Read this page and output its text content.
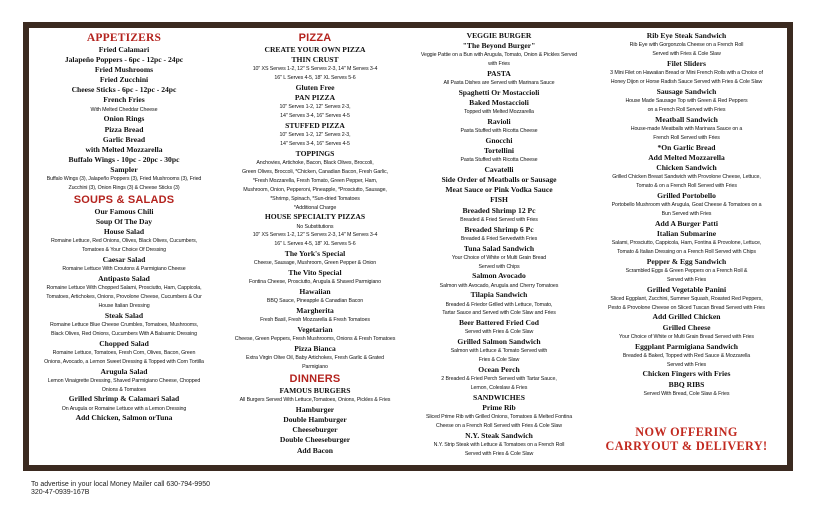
APPETIZERS
Fried Calamari
Jalapeño Poppers - 6pc - 12pc - 24pc
Fried Mushrooms
Fried Zucchini
Cheese Sticks - 6pc - 12pc - 24pc
French Fries
With Melted Cheddar Cheese
Onion Rings
Pizza Bread
Garlic Bread
with Melted Mozzarella
Buffalo Wings - 10pc - 20pc - 30pc
Sampler
Buffalo Wings (3), Jalapeño Poppers (3), Fried Mushrooms (3), Fried
Zucchini (3), Onion Rings (3) & Cheese Sticks (3)
SOUPS & SALADS
Our Famous Chili
Soup Of The Day
House Salad
Romaine Lettuce, Red Onions, Olives, Black Olives, Cucumbers,
Tomatoes & Your Choice Of Dressing
Caesar Salad
Romaine Lettuce With Croutons & Parmigiano Cheese
Antipasto Salad
Romaine Lettuce With Chopped Salami, Prosciutto, Ham, Cappicola,
Tomatoes, Artichokes, Onions, Provolone Cheese, Cucumbers & Our
House Italian Dressing
Steak Salad
Romaine Lettuce Blue Cheese Crumbles, Tomatoes, Mushrooms,
Black Olives, Red Onions, Cucumbers With A Balsamic Dressing
Chopped Salad
Romaine Lettuce, Tomatoes, Fresh Corn, Olives, Bacon, Green
Onions, Avocado, a Lemon Sweet Dressing & Topped with Corn Tortilla
Arugula Salad
Lemon Vinaigrette Dressing, Shaved Parmigiano Cheese, Chopped
Onions & Tomatoes
Grilled Shrimp & Calamari Salad
On Arugula or Romaine Lettuce with a Lemon Dressing
Add Chicken, Salmon orTuna
PIZZA
CREATE YOUR OWN PIZZA
THIN CRUST
10" XS Serves 1-2, 12" S Serves 2-3, 14" M Serves 3-4
16" L Serves 4-5, 18" XL Serves 5-6
Gluten Free
PAN PIZZA
10" Serves 1-2, 12" Serves 2-3,
14" Serves 3-4, 16" Serves 4-5
STUFFED PIZZA
10" Serves 1-2, 12" Serves 2-3,
14" Serves 3-4, 16" Serves 4-5
TOPPINGS
Anchovies, Artichoke, Bacon, Black Olives, Broccoli,
Green Olives, Broccoli, *Chicken, Canadian Bacon, Fresh Garlic,
*Fresh Mozzarella, Fresh Tomato, Green Pepper, Ham,
Mushroom, Onion, Pepperoni, Pineapple, *Prosciutto, Sausage,
*Shrimp, Spinach, *Sun-dried Tomatoes
*Additional Charge
HOUSE SPECIALTY PIZZAS
No Substitutions
10" XS Serves 1-2, 12" S Serves 2-3, 14" M Serves 3-4
16" L Serves 4-5, 18" XL Serves 5-6
The York's Special
Cheese, Sausage, Mushroom, Green Pepper & Onion
The Vito Special
Fontina Cheese, Prosciutto, Arugula & Shaved Parmigiano
Hawaiian
BBQ Sauce, Pineapple & Canadian Bacon
Margherita
Fresh Basil, Fresh Mozzarella & Fresh Tomatoes
Vegetarian
Cheese, Green Peppers, Fresh Mushrooms, Onions & Fresh Tomatoes
Pizza Bianca
Extra Virgin Olive Oil, Baby Artichokes, Fresh Garlic & Grated
Parmigiano
DINNERS
FAMOUS BURGERS
All Burgers Served With Lettuce,Tomatoes, Onions, Pickles & Fries
Hamburger
Double Hamburger
Cheeseburger
Double Cheeseburger
Add Bacon
VEGGIE BURGER
"The Beyond Burger"
Veggie Pattie on a Bun with Arugula, Tomato, Onion & Pickles Served
with Fries
PASTA
All Pasta Dishes are Served with Marinara Sauce
Spaghetti Or Mostaccioli
Baked Mostaccioli
Topped with Melted Mozzarella
Ravioli
Pasta Stuffed with Ricotta Cheese
Gnocchi
Tortellini
Pasta Stuffed with Ricotta Cheese
Cavatelli
Side Order of Meatballs or Sausage
Meat Sauce or Pink Vodka Sauce
FISH
Breaded Shrimp 12 Pc
Breaded & Fried Served with Fries
Breaded Shrimp 6 Pc
Breaded & Fried Servedwith Fries
Tuna Salad Sandwich
Your Choice of White or Multi Grain Bread
Served with Chips
Salmon Avocado
Salmon with Avocado, Arugula and Cherry Tomatoes
Tilapia Sandwich
Breaded & Friedor Grilled with Lettuce, Tomato,
Tartar Sauce and Served with Cole Slaw and Fries
Beer Battered Fried Cod
Served with Fries & Cole Slaw
Grilled Salmon Sandwich
Salmon with Lettuce & Tomato Served with
Fries & Cole Slaw
Ocean Perch
2 Breaded & Fried Perch Served with Tartar Sauce,
Lemon, Coleslaw & Fries
SANDWICHES
Prime Rib
Sliced Prime Rib with Grilled Onions, Tomatoes & Melted Fontina
Cheese on a French Roll Served with Fries & Cole Slaw
N.Y. Steak Sandwich
N.Y. Strip Steak with Lettuce & Tomatoes on a French Roll
Served with Fries & Cole Slaw
Rib Eye Steak Sandwich
Rib Eye with Gorgonzola Cheese on a French Roll
Served with Fries & Cole Slaw
Filet Sliders
3 Mini Filet on Hawaiian Bread or Mini French Rolls with a Choice of
Honey Dijon or Horse Radish Sauce Served with Fries & Cole Slaw
Sausage Sandwich
House Made Sausage Top with Green & Red Peppers
on a French Roll Served with Fries
Meatball Sandwich
House-made Meatballs with Marinara Sauce on a
French Roll Served with Fries
*On Garlic Bread
Add Melted Mozzarella
Chicken Sandwich
Grilled Chicken Breast Sandwich with Provolone Cheese, Lettuce,
Tomato & on a French Roll Served with Fries
Grilled Portobello
Portobello Mushroom with Arugula, Goat Cheese & Tomatoes on a
Bun Served with Fries
Add A Burger Patti
Italian Submarine
Salami, Prosciutto, Cappicola, Ham, Fontina & Provolone, Lettuce,
Tomato & Italian Dressing on a French Roll Served with Chips
Pepper & Egg Sandwich
Scrambled Eggs & Green Peppers on a French Roll &
Served with Fries
Grilled Vegetable Panini
Sliced Eggplant, Zucchini, Summer Squash, Roasted Red Peppers,
Pesto & Provolone Cheese on Sliced Tuscan Bread Served with Fries
Add Grilled Chicken
Grilled Cheese
Your Choice of White or Multi Grain Bread Served with Fries
Eggplant Parmigiana Sandwich
Breaded & Baked, Topped with Red Sauce & Mozzarella
Served with Fries
Chicken Fingers with Fries
BBQ RIBS
Served With Bread, Cole Slaw & Fries
NOW OFFERING
CARRYOUT & DELIVERY!
To advertise in your local Money Mailer call 630-794-9950
320-47-0939-167B
